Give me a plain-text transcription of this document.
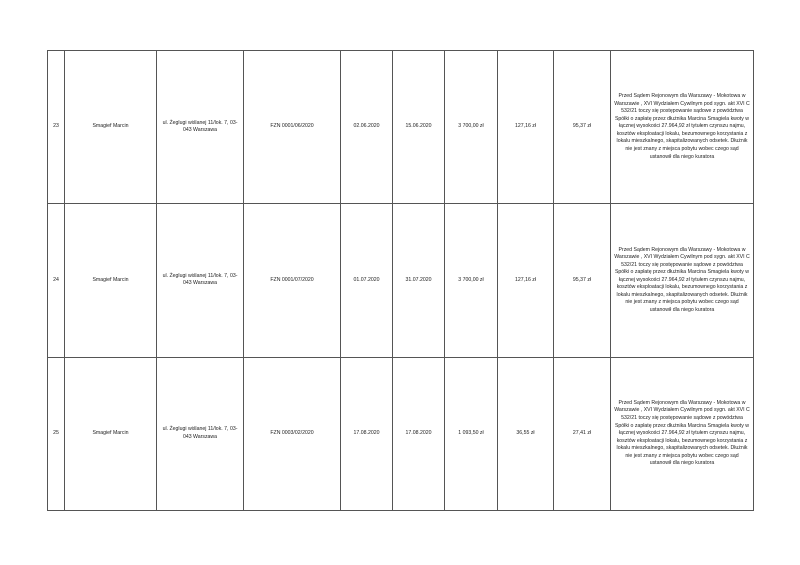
23	Smagief Marcin	ul. Żeglugi wiślanej 11/lok. 7, 03-043 Warszawa	FZN 0001/06/2020	02.06.2020	15.06.2020	3 700,00 zł	127,16 zł	95,37 zł	Przed Sądem Rejonowym dla Warszawy - Mokotowa w Warszawie , XVI Wydziałem Cywilnym pod sygn. akt XVI C 532/21 toczy się postępowanie sądowe z powództwa Spółki o zapłatę przez dłużnika Marcina Smagiela kwoty w łącznej wysokości 27.964,92 zł tytułem czynszu najmu, kosztów eksploatacji lokalu, bezumownego korzystania z lokalu mieszkalnego, skapitalizowanych odsetek. Dłużnik nie jest znany z miejsca pobytu wobec czego sąd ustanowił dla niego kuratora
24	Smagief Marcin	ul. Żeglugi wiślanej 11/lok. 7, 03-043 Warszawa	FZN 0001/07/2020	01.07.2020	31.07.2020	3 700,00 zł	127,16 zł	95,37 zł	Przed Sądem Rejonowym dla Warszawy - Mokotowa w Warszawie , XVI Wydziałem Cywilnym pod sygn. akt XVI C 532/21 toczy się postępowanie sądowe z powództwa Spółki o zapłatę przez dłużnika Marcina Smagiela kwoty w łącznej wysokości 27.964,92 zł tytułem czynszu najmu, kosztów eksploatacji lokalu, bezumownego korzystania z lokalu mieszkalnego, skapitalizowanych odsetek. Dłużnik nie jest znany z miejsca pobytu wobec czego sąd ustanowił dla niego kuratora
25	Smagief Marcin	ul. Żeglugi wiślanej 11/lok. 7, 03-043 Warszawa	FZN 0003/02/2020	17.08.2020	17.08.2020	1 093,50 zł	36,55 zł	27,41 zł	Przed Sądem Rejonowym dla Warszawy - Mokotowa w Warszawie , XVI Wydziałem Cywilnym pod sygn. akt XVI C 532/21 toczy się postępowanie sądowe z powództwa Spółki o zapłatę przez dłużnika Marcina Smagiela kwoty w łącznej wysokości 27.964,92 zł tytułem czynszu najmu, kosztów eksploatacji lokalu, bezumownego korzystania z lokalu mieszkalnego, skapitalizowanych odsetek. Dłużnik nie jest znany z miejsca pobytu wobec czego sąd ustanowił dla niego kuratora
